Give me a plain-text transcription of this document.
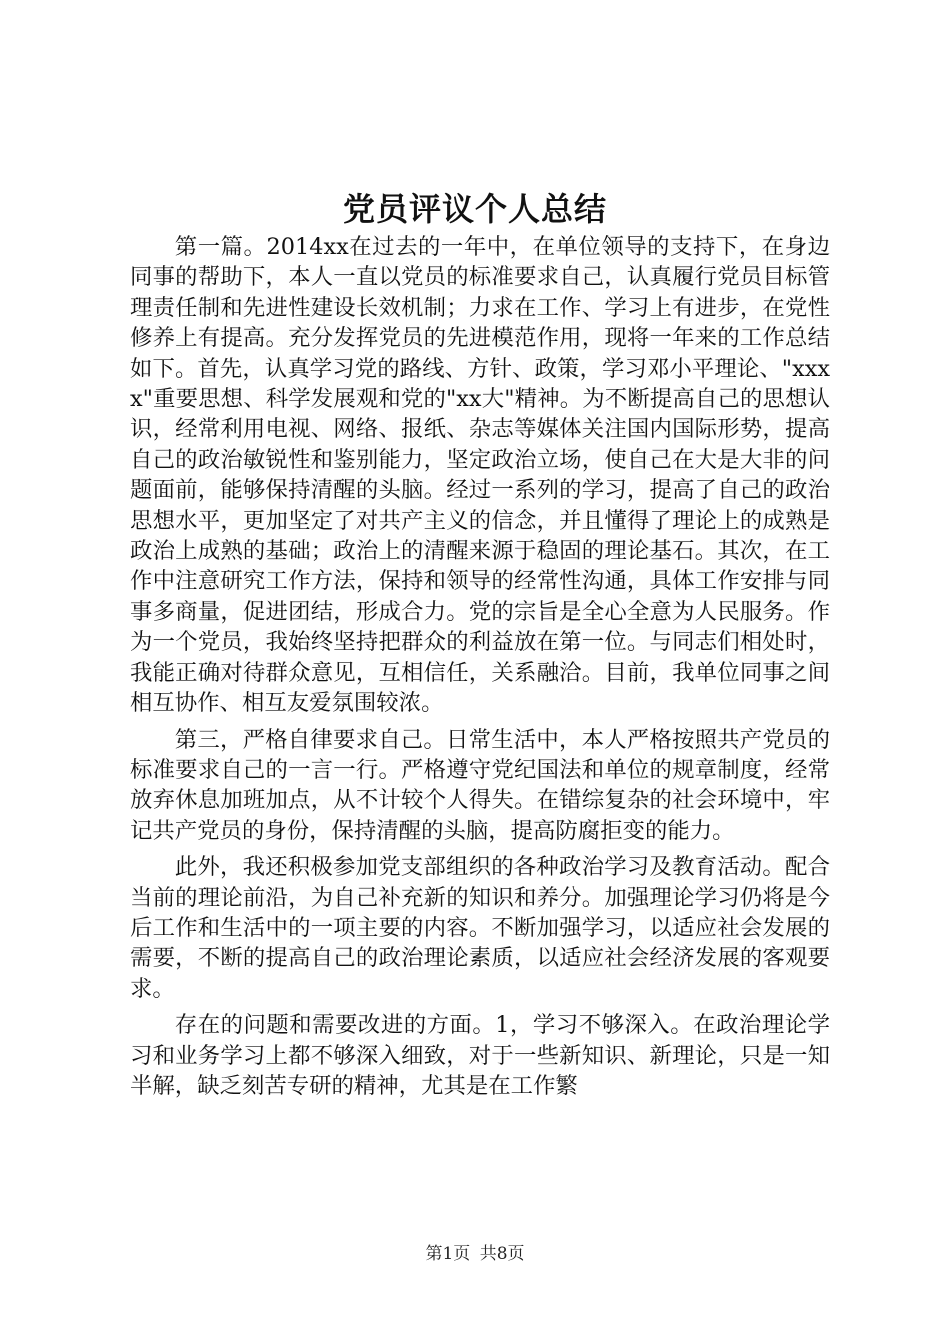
党员评议个人总结

第一篇。2014xx在过去的一年中，在单位领导的支持下，在身边同事的帮助下，本人一直以党员的标准要求自己，认真履行党员目标管理责任制和先进性建设长效机制；力求在工作、学习上有进步，在党性修养上有提高。充分发挥党员的先进模范作用，现将一年来的工作总结如下。首先，认真学习党的路线、方针、政策，学习邓小平理论、"xxxx"重要思想、科学发展观和党的"xx大"精神。为不断提高自己的思想认识，经常利用电视、网络、报纸、杂志等媒体关注国内国际形势，提高自己的政治敏锐性和鉴别能力，坚定政治立场，使自己在大是大非的问题面前，能够保持清醒的头脑。经过一系列的学习，提高了自己的政治思想水平，更加坚定了对共产主义的信念，并且懂得了理论上的成熟是政治上成熟的基础；政治上的清醒来源于稳固的理论基石。其次，在工作中注意研究工作方法，保持和领导的经常性沟通，具体工作安排与同事多商量，促进团结，形成合力。党的宗旨是全心全意为人民服务。作为一个党员，我始终坚持把群众的利益放在第一位。与同志们相处时，我能正确对待群众意见，互相信任，关系融洽。目前，我单位同事之间相互协作、相互友爱氛围较浓。

第三，严格自律要求自己。日常生活中，本人严格按照共产党员的标准要求自己的一言一行。严格遵守党纪国法和单位的规章制度，经常放弃休息加班加点，从不计较个人得失。在错综复杂的社会环境中，牢记共产党员的身份，保持清醒的头脑，提高防腐拒变的能力。

此外，我还积极参加党支部组织的各种政治学习及教育活动。配合当前的理论前沿，为自己补充新的知识和养分。加强理论学习仍将是今后工作和生活中的一项主要的内容。不断加强学习，以适应社会发展的需要，不断的提高自己的政治理论素质，以适应社会经济发展的客观要求。

存在的问题和需要改进的方面。1，学习不够深入。在政治理论学习和业务学习上都不够深入细致，对于一些新知识、新理论，只是一知半解，缺乏刻苦专研的精神，尤其是在工作繁

第1页 共8页
